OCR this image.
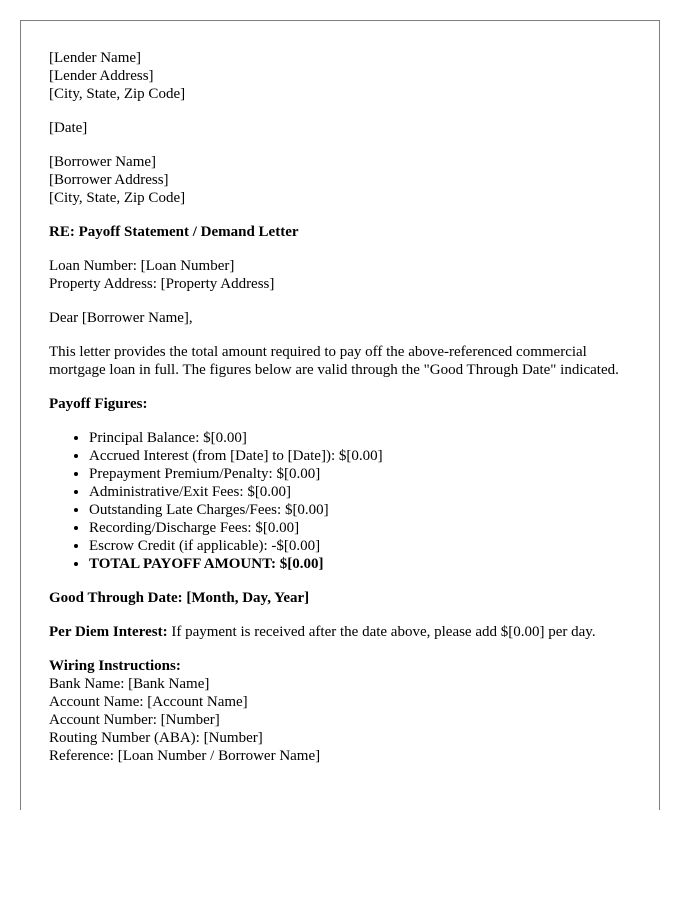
[Lender Name]
[Lender Address]
[City, State, Zip Code]
[Date]
[Borrower Name]
[Borrower Address]
[City, State, Zip Code]
RE: Payoff Statement / Demand Letter
Loan Number: [Loan Number]
Property Address: [Property Address]
Dear [Borrower Name],
This letter provides the total amount required to pay off the above-referenced commercial mortgage loan in full. The figures below are valid through the "Good Through Date" indicated.
Payoff Figures:
• Principal Balance: $[0.00]
• Accrued Interest (from [Date] to [Date]): $[0.00]
• Prepayment Premium/Penalty: $[0.00]
• Administrative/Exit Fees: $[0.00]
• Outstanding Late Charges/Fees: $[0.00]
• Recording/Discharge Fees: $[0.00]
• Escrow Credit (if applicable): -$[0.00]
• TOTAL PAYOFF AMOUNT: $[0.00]
Good Through Date: [Month, Day, Year]
Per Diem Interest: If payment is received after the date above, please add $[0.00] per day.
Wiring Instructions:
Bank Name: [Bank Name]
Account Name: [Account Name]
Account Number: [Number]
Routing Number (ABA): [Number]
Reference: [Loan Number / Borrower Name]
